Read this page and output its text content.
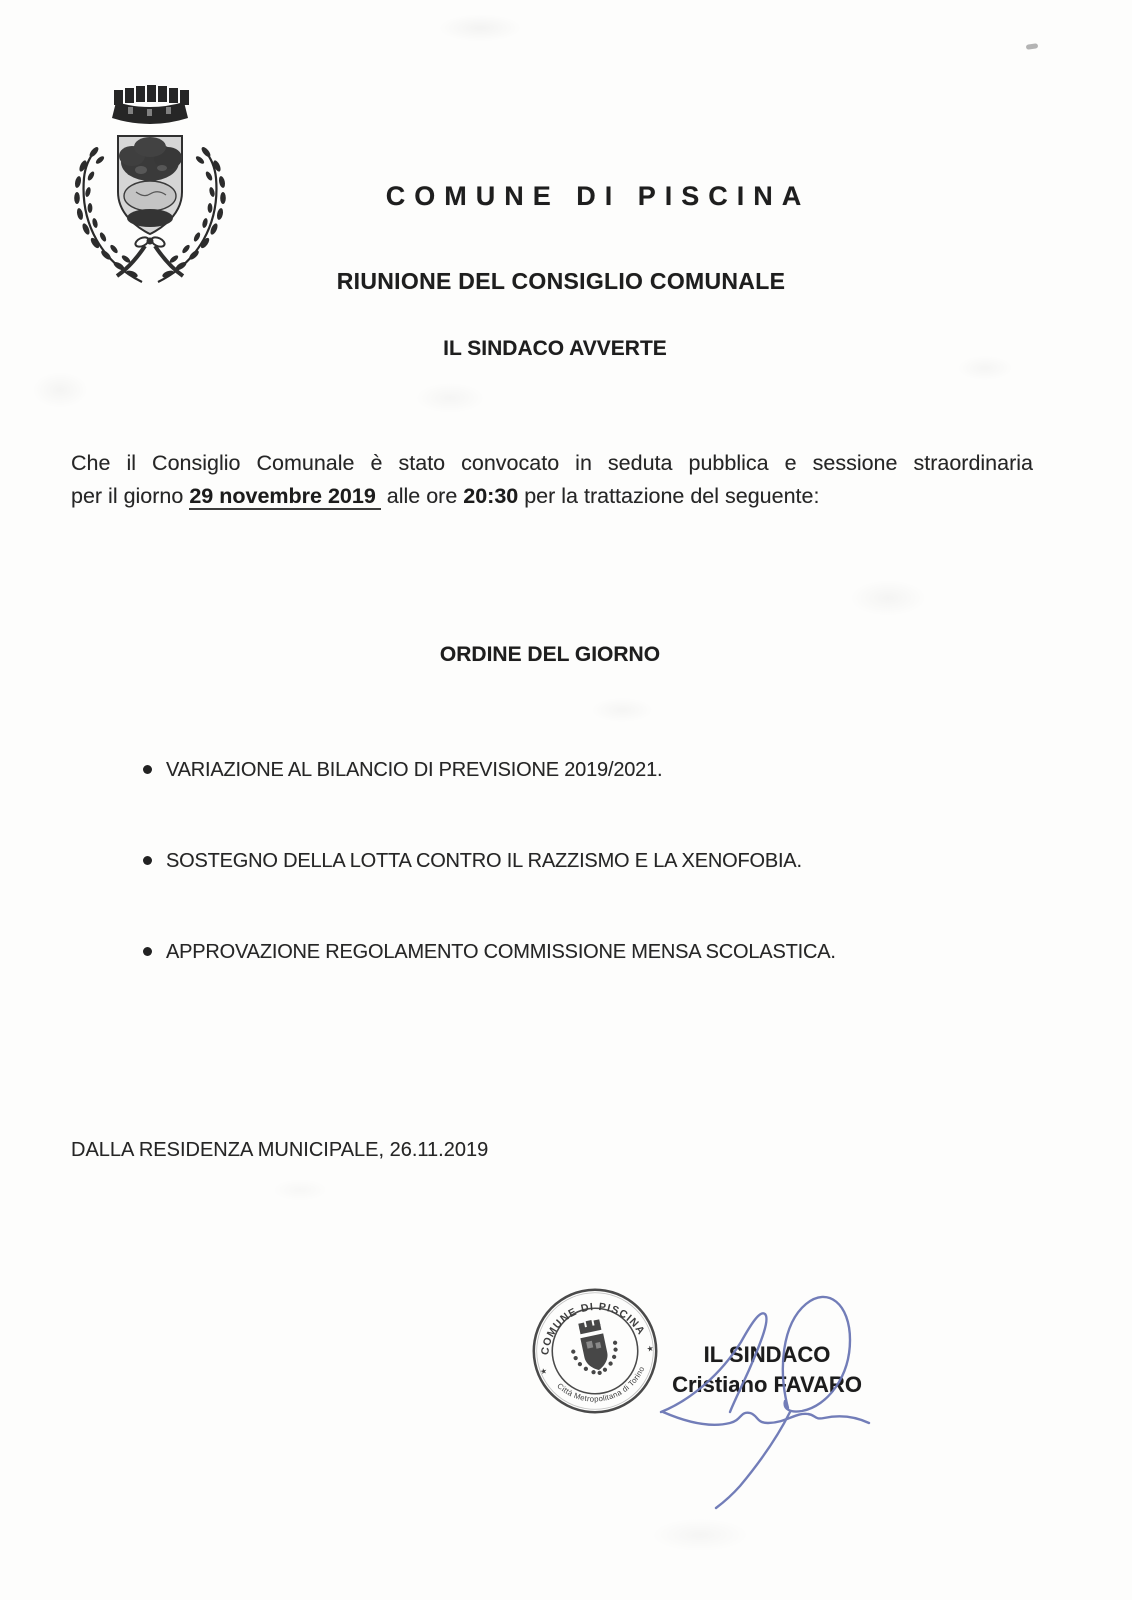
COMUNE DI PISCINA
RIUNIONE DEL CONSIGLIO COMUNALE
IL SINDACO AVVERTE
Che il Consiglio Comunale è stato convocato in seduta pubblica e sessione straordinaria
per il giorno 29 novembre 2019 alle ore 20:30 per la trattazione del seguente:
ORDINE DEL GIORNO
VARIAZIONE AL BILANCIO DI PREVISIONE 2019/2021.
SOSTEGNO DELLA LOTTA CONTRO IL RAZZISMO E LA XENOFOBIA.
APPROVAZIONE REGOLAMENTO COMMISSIONE MENSA SCOLASTICA.
DALLA RESIDENZA MUNICIPALE, 26.11.2019
COMUNE DI PISCINA
Città Metropolitana di Torino
★
★	IL SINDACO
Cristiano FAVARO
